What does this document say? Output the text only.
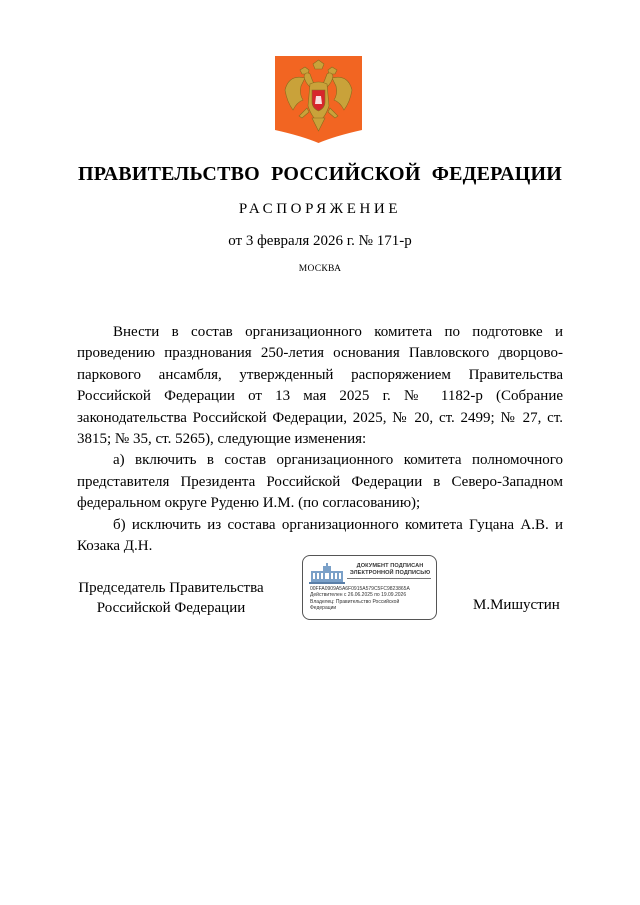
ПРАВИТЕЛЬСТВО РОССИЙСКОЙ ФЕДЕРАЦИИ
РАСПОРЯЖЕНИЕ
от 3 февраля 2026 г. № 171-р
МОСКВА

Внести в состав организационного комитета по подготовке и проведению празднования 250-летия основания Павловского дворцово-паркового ансамбля, утвержденный распоряжением Правительства Российской Федерации от 13 мая 2025 г. № 1182-р (Собрание законодательства Российской Федерации, 2025, № 20, ст. 2499; № 27, ст. 3815; № 35, ст. 5265), следующие изменения:

а) включить в состав организационного комитета полномочного представителя Президента Российской Федерации в Северо-Западном федеральном округе Руденю И.М. (по согласованию);

б) исключить из состава организационного комитета Гуцана А.В. и Козака Д.Н.

Председатель Правительства
Российской Федерации
ДОКУМЕНТ ПОДПИСАН
ЭЛЕКТРОННОЙ ПОДПИСЬЮ
00FFA0909A5A6F0915A579C5FC9823865A
Действителен с 26.06.2025 по 19.09.2026
Владелец: Правительство Российской
Федерации	М.Мишустин
